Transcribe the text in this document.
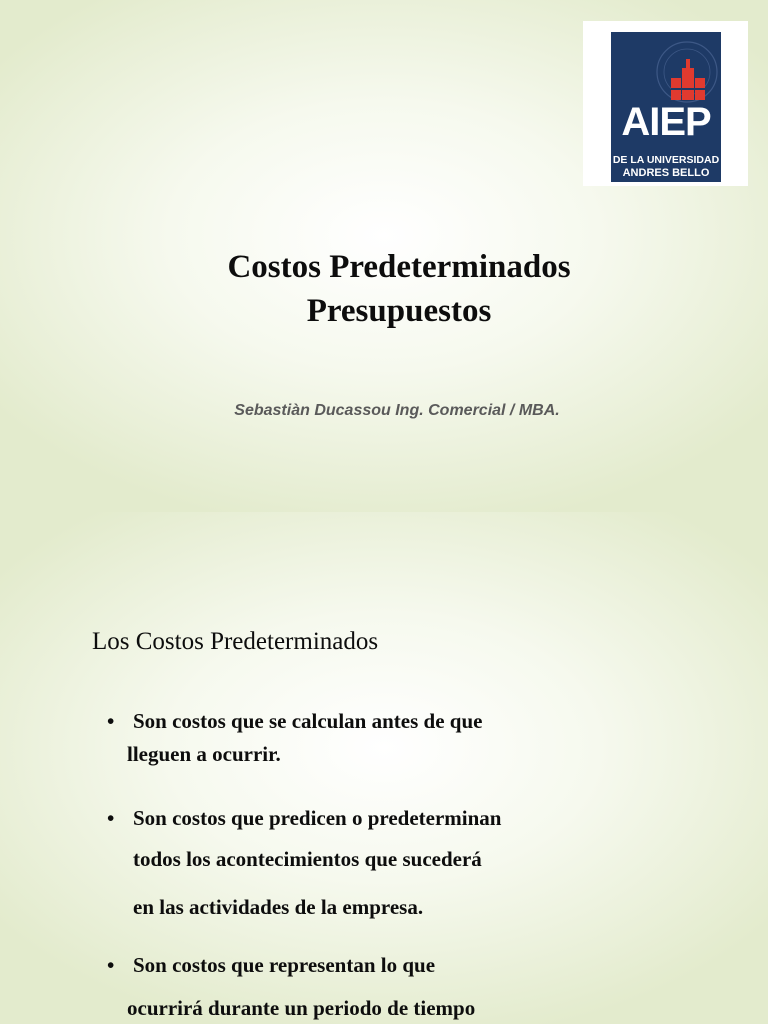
AIEP
DE LA UNIVERSIDAD
ANDRES BELLO
Costos Predeterminados
Presupuestos
Sebastiàn Ducassou Ing. Comercial / MBA.
Los Costos Predeterminados
• Son costos que se calculan antes de que
lleguen a ocurrir.
• Son costos que predicen o predeterminan
todos los acontecimientos que sucederá
en las actividades de la empresa.
• Son costos que representan lo que
ocurrirá durante un periodo de tiempo
